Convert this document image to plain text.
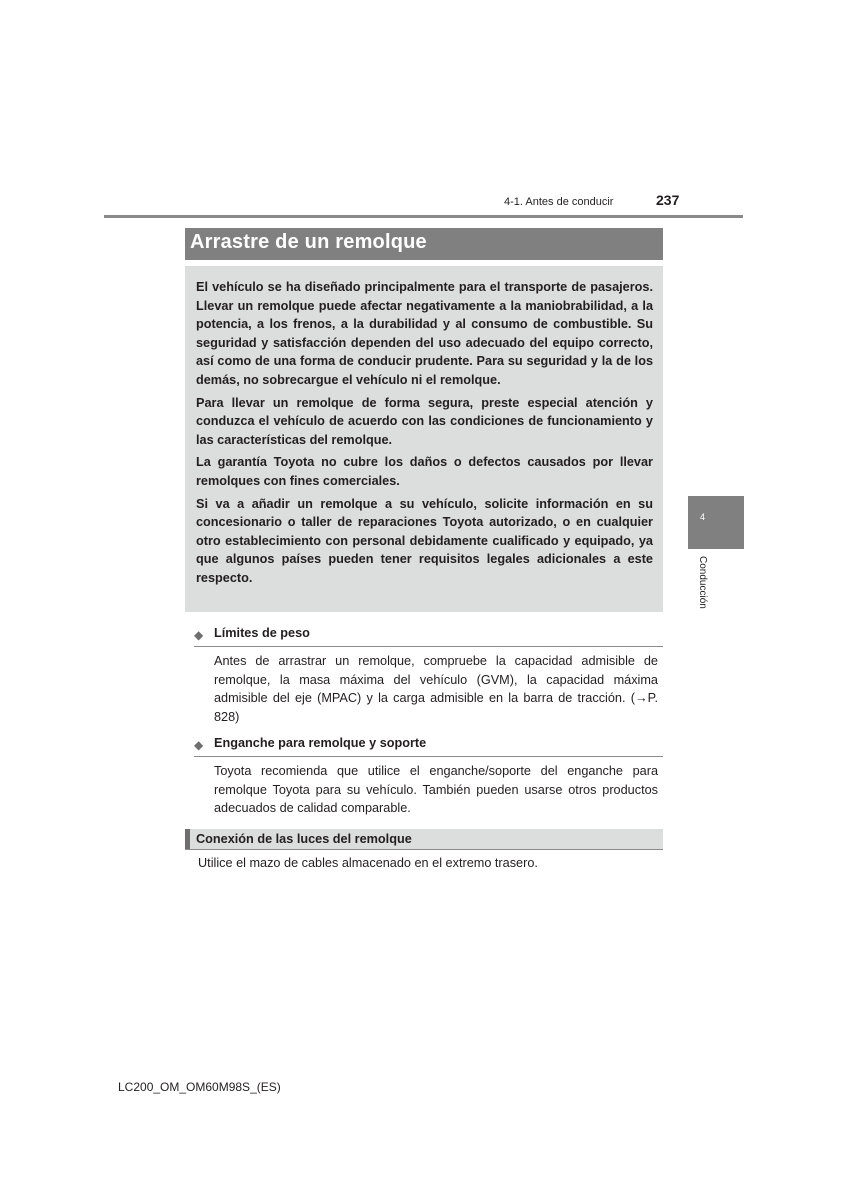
4-1. Antes de conducir	237
Arrastre de un remolque

El vehículo se ha diseñado principalmente para el transporte de pasajeros. Llevar un remolque puede afectar negativamente a la maniobrabilidad, a la potencia, a los frenos, a la durabilidad y al consumo de combustible. Su seguridad y satisfacción dependen del uso adecuado del equipo correcto, así como de una forma de conducir prudente. Para su seguridad y la de los demás, no sobrecargue el vehículo ni el remolque.

Para llevar un remolque de forma segura, preste especial atención y conduzca el vehículo de acuerdo con las condiciones de funcionamiento y las características del remolque.

La garantía Toyota no cubre los daños o defectos causados por llevar remolques con fines comerciales.

Si va a añadir un remolque a su vehículo, solicite información en su concesionario o taller de reparaciones Toyota autorizado, o en cualquier otro establecimiento con personal debidamente cualificado y equipado, ya que algunos países pueden tener requisitos legales adicionales a este respecto.

◆ Límites de peso

Antes de arrastrar un remolque, compruebe la capacidad admisible de remolque, la masa máxima del vehículo (GVM), la capacidad máxima admisible del eje (MPAC) y la carga admisible en la barra de tracción. (→P. 828)

◆ Enganche para remolque y soporte

Toyota recomienda que utilice el enganche/soporte del enganche para remolque Toyota para su vehículo. También pueden usarse otros productos adecuados de calidad comparable.

Conexión de las luces del remolque

Utilice el mazo de cables almacenado en el extremo trasero.

4
Conducción
LC200_OM_OM60M98S_(ES)
